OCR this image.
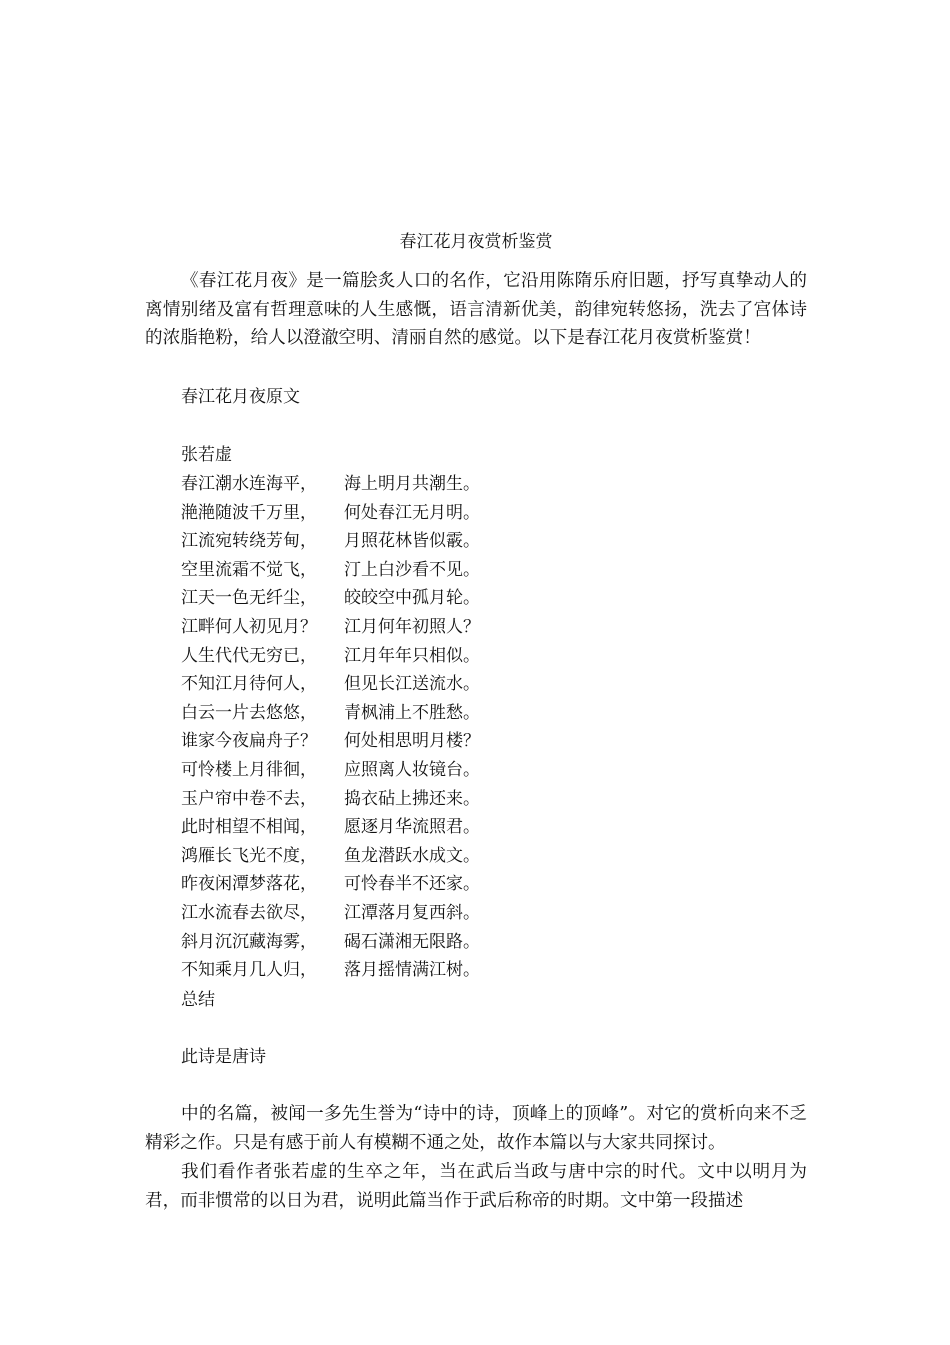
春江花月夜赏析鉴赏
《春江花月夜》是一篇脍炙人口的名作，它沿用陈隋乐府旧题，抒写真挚动人的离情别绪及富有哲理意味的人生感慨，语言清新优美，韵律宛转悠扬，洗去了宫体诗的浓脂艳粉，给人以澄澈空明、清丽自然的感觉。以下是春江花月夜赏析鉴赏！
春江花月夜原文
张若虚
春江潮水连海平， 海上明月共潮生。
滟滟随波千万里， 何处春江无月明。
江流宛转绕芳甸， 月照花林皆似霰。
空里流霜不觉飞， 汀上白沙看不见。
江天一色无纤尘， 皎皎空中孤月轮。
江畔何人初见月？ 江月何年初照人？
人生代代无穷已， 江月年年只相似。
不知江月待何人， 但见长江送流水。
白云一片去悠悠， 青枫浦上不胜愁。
谁家今夜扁舟子？ 何处相思明月楼？
可怜楼上月徘徊， 应照离人妆镜台。
玉户帘中卷不去， 捣衣砧上拂还来。
此时相望不相闻， 愿逐月华流照君。
鸿雁长飞光不度， 鱼龙潜跃水成文。
昨夜闲潭梦落花， 可怜春半不还家。
江水流春去欲尽， 江潭落月复西斜。
斜月沉沉藏海雾， 碣石潇湘无限路。
不知乘月几人归， 落月摇情满江树。
总结
此诗是唐诗
中的名篇，被闻一多先生誉为“诗中的诗，顶峰上的顶峰”。对它的赏析向来不乏精彩之作。只是有感于前人有模糊不通之处，故作本篇以与大家共同探讨。
我们看作者张若虚的生卒之年，当在武后当政与唐中宗的时代。文中以明月为君，而非惯常的以日为君，说明此篇当作于武后称帝的时期。文中第一段描述
